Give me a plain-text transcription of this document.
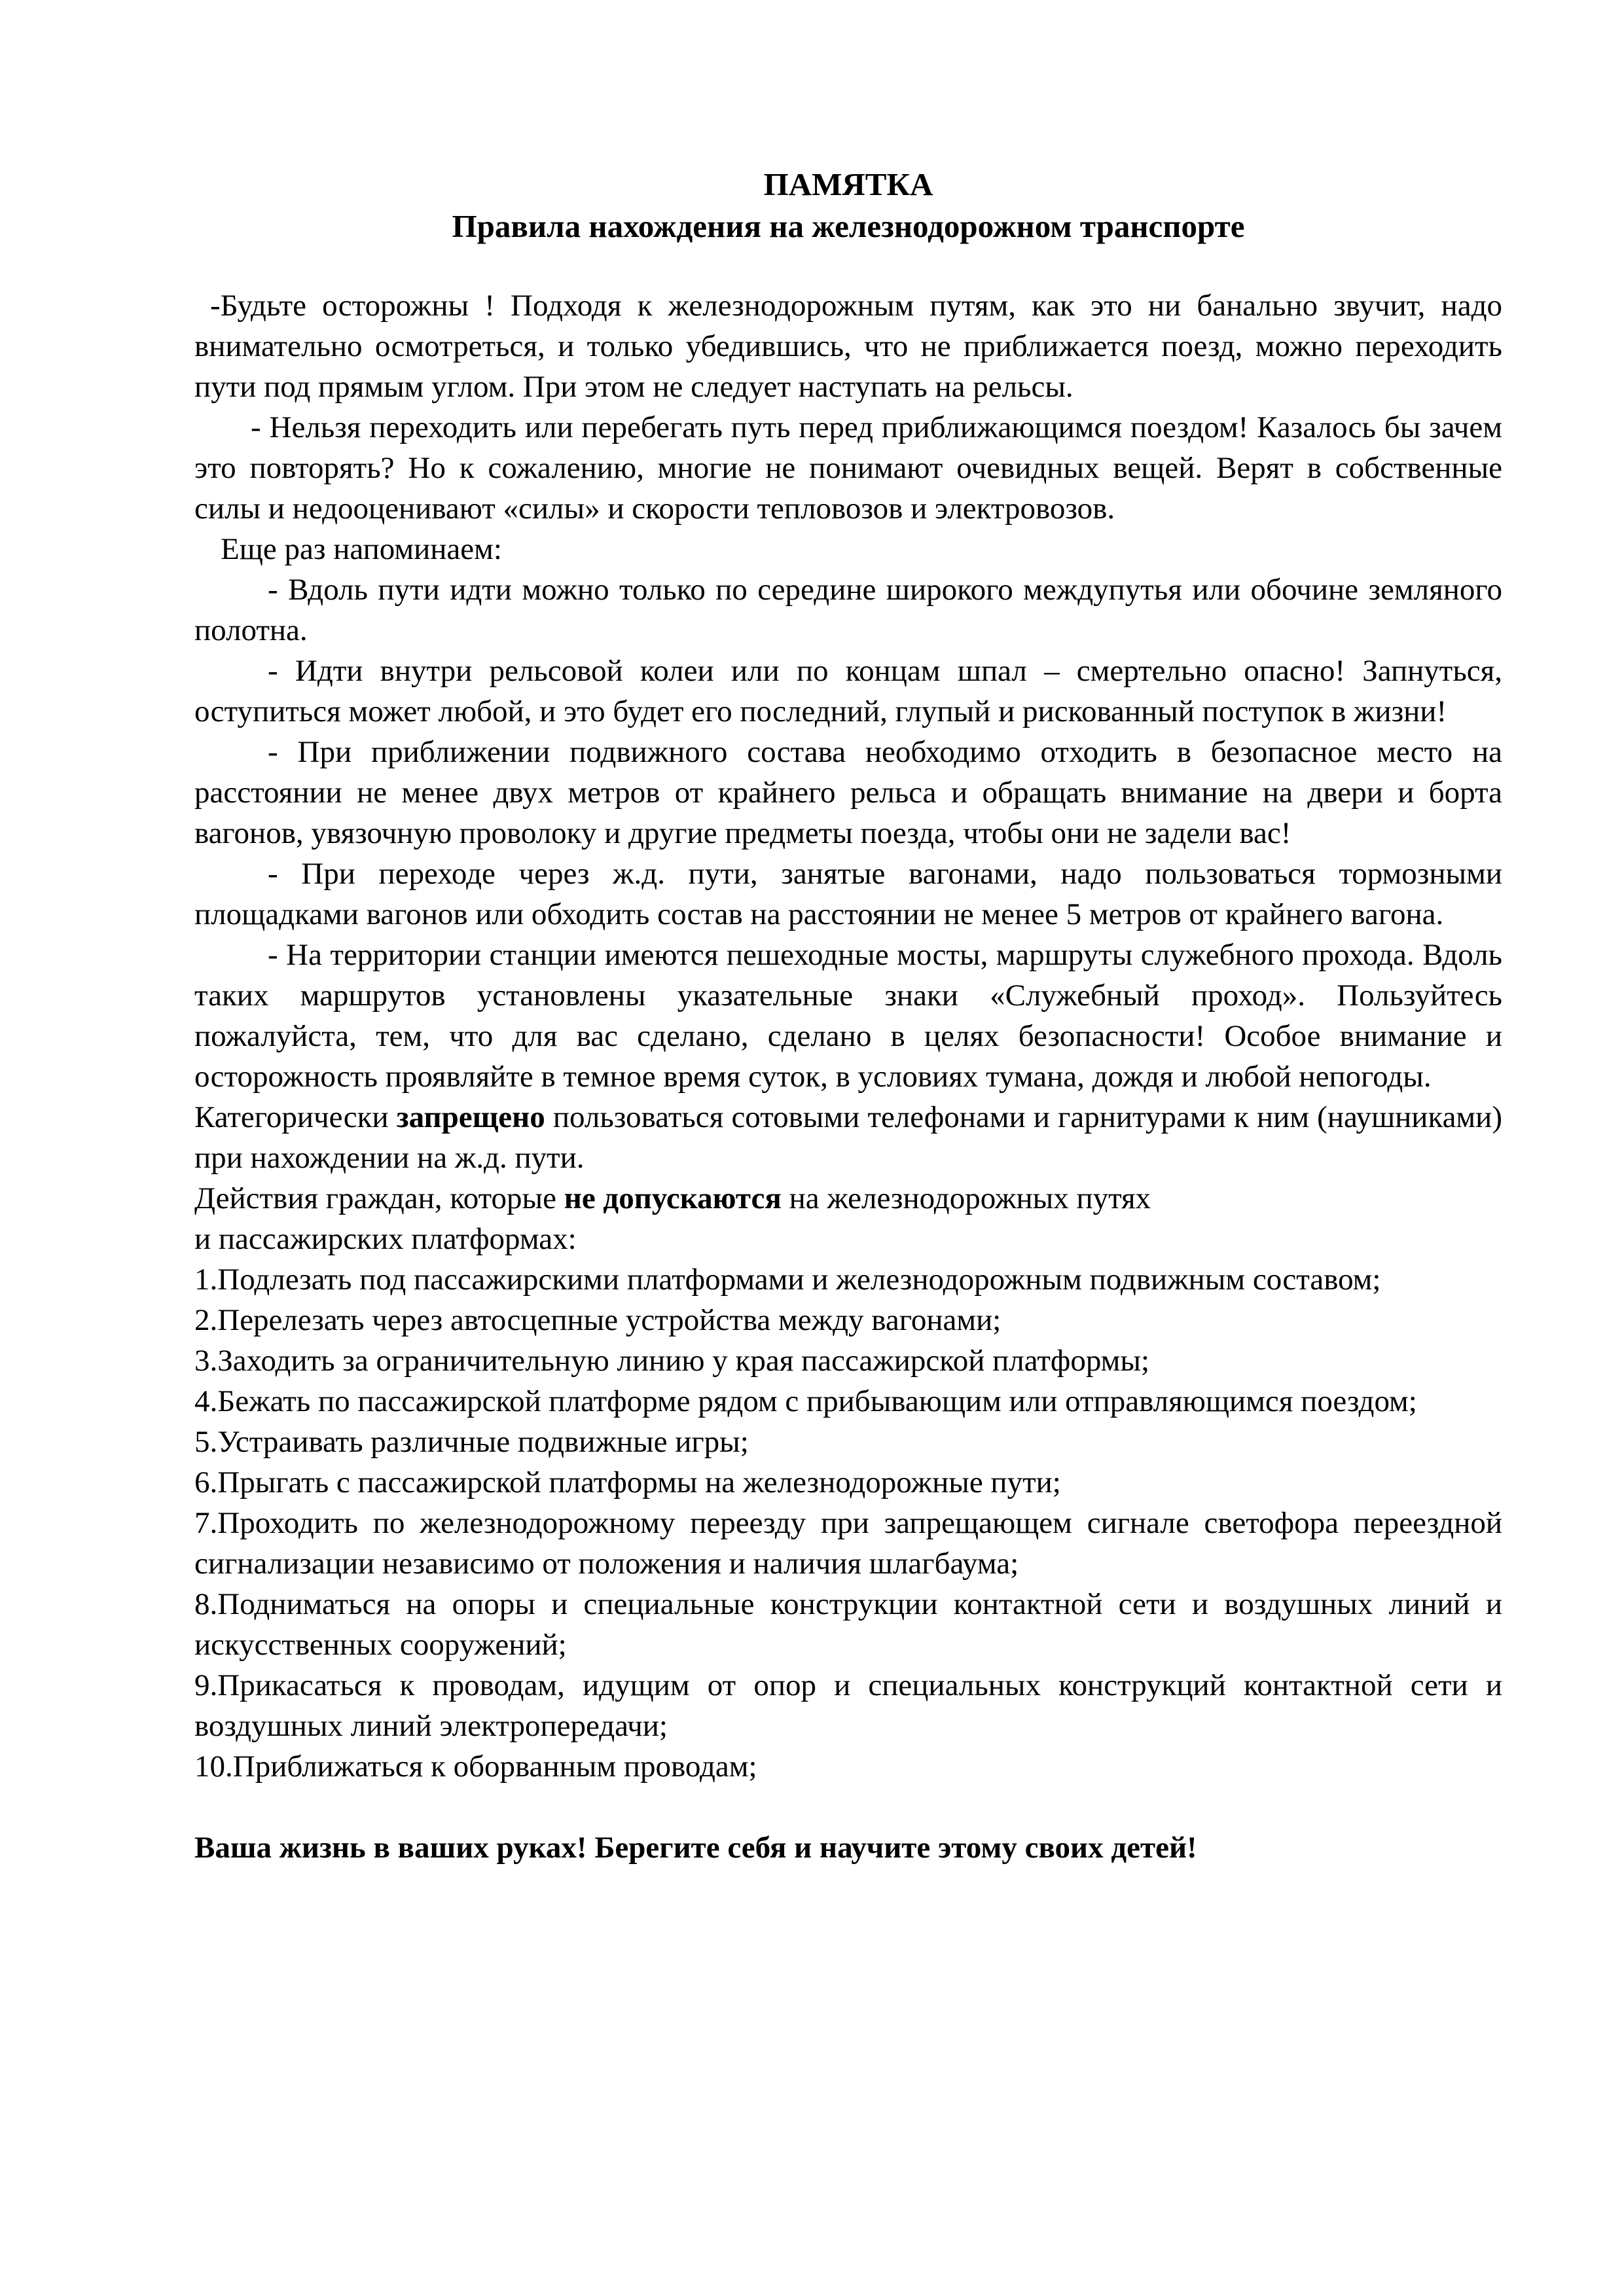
ПАМЯТКА
Правила нахождения на железнодорожном транспорте

-Будьте осторожны ! Подходя к железнодорожным путям, как это ни банально звучит, надо внимательно осмотреться, и только убедившись, что не приближается поезд, можно переходить пути под прямым углом. При этом не следует наступать на рельсы.

- Нельзя переходить или перебегать путь перед приближающимся поездом! Казалось бы зачем это повторять? Но к сожалению, многие не понимают очевидных вещей. Верят в собственные силы и недооценивают «силы» и скорости тепловозов и электровозов.

Еще раз напоминаем:

- Вдоль пути идти можно только по середине широкого междупутья или обочине земляного полотна.

- Идти внутри рельсовой колеи или по концам шпал – смертельно опасно! Запнуться, оступиться может любой, и это будет его последний, глупый и рискованный поступок в жизни!

- При приближении подвижного состава необходимо отходить в безопасное место на расстоянии не менее двух метров от крайнего рельса и обращать внимание на двери и борта вагонов, увязочную проволоку и другие предметы поезда, чтобы они не задели вас!

- При переходе через ж.д. пути, занятые вагонами, надо пользоваться тормозными площадками вагонов или обходить состав на расстоянии не менее 5 метров от крайнего вагона.

- На территории станции имеются пешеходные мосты, маршруты служебного прохода. Вдоль таких маршрутов установлены указательные знаки «Служебный проход». Пользуйтесь пожалуйста, тем, что для вас сделано, сделано в целях безопасности! Особое внимание и осторожность проявляйте в темное время суток, в условиях тумана, дождя и любой непогоды.

Категорически запрещено пользоваться сотовыми телефонами и гарнитурами к ним (наушниками) при нахождении на ж.д. пути.

Действия граждан, которые не допускаются на железнодорожных путях
и пассажирских платформах:

1.Подлезать под пассажирскими платформами и железнодорожным подвижным составом;
2.Перелезать через автосцепные устройства между вагонами;
3.Заходить за ограничительную линию у края пассажирской платформы;
4.Бежать по пассажирской платформе рядом с прибывающим или отправляющимся поездом;
5.Устраивать различные подвижные игры;
6.Прыгать с пассажирской платформы на железнодорожные пути;
7.Проходить по железнодорожному переезду при запрещающем сигнале светофора переездной сигнализации независимо от положения и наличия шлагбаума;
8.Подниматься на опоры и специальные конструкции контактной сети и воздушных линий и искусственных сооружений;
9.Прикасаться к проводам, идущим от опор и специальных конструкций контактной сети и воздушных линий электропередачи;
10.Приближаться к оборванным проводам;

Ваша жизнь в ваших руках! Берегите себя и научите этому своих детей!
